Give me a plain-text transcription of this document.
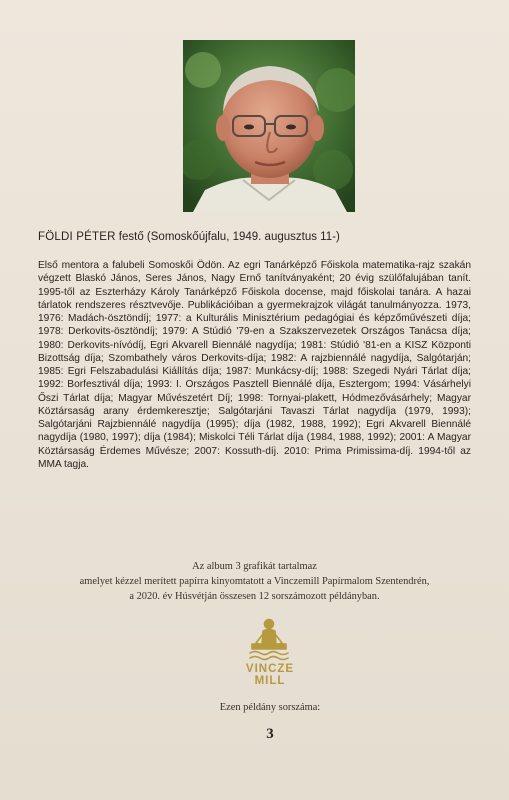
FÖLDI PÉTER festő (Somoskőújfalu, 1949. augusztus 11-)
Első mentora a falubeli Somoskői Ödön. Az egri Tanárképző Főiskola matematika-rajz szakán végzett Blaskó János, Seres János, Nagy Ernő tanítványaként; 20 évig szülőfalujában tanít. 1995-től az Eszterházy Károly Tanárképző Főiskola docense, majd főiskolai tanára. A hazai tárlatok rendszeres résztvevője. Publikációiban a gyermekrajzok világát tanulmányozza. 1973, 1976: Madách-ösztöndíj; 1977: a Kulturális Minisztérium pedagógiai és képzőművészeti díja; 1978: Derkovits-ösztöndíj; 1979: A Stúdió '79-en a Szakszervezetek Országos Tanácsa díja; 1980: Derkovits-nívódíj, Egri Akvarell Biennálé nagydíja; 1981: Stúdió '81-en a KISZ Központi Bizottság díja; Szombathely város Derkovits-díja; 1982: A rajzbiennálé nagydíja, Salgótarján; 1985: Egri Felszabadulási Kiállítás díja; 1987: Munkácsy-díj; 1988: Szegedi Nyári Tárlat díja; 1992: Borfesztivál díja; 1993: I. Országos Pasztell Biennálé díja, Esztergom; 1994: Vásárhelyi Őszi Tárlat díja; Magyar Művészetért Díj; 1998: Tornyai-plakett, Hódmezővásárhely; Magyar Köztársaság arany érdemkeresztje; Salgótarjáni Tavaszi Tárlat nagydíja (1979, 1993); Salgótarjáni Rajzbiennálé nagydíja (1995); díja (1982, 1988, 1992); Egri Akvarell Biennálé nagydíja (1980, 1997); díja (1984); Miskolci Téli Tárlat díja (1984, 1988, 1992); 2001: A Magyar Köztársaság Érdemes Művésze; 2007: Kossuth-díj. 2010: Prima Primissima-díj. 1994-től az MMA tagja.

Az album 3 grafikát tartalmaz

amelyet kézzel merített papírra kinyomtatott a Vinczemill Papírmalom Szentendrén,

a 2020. év Húsvétján összesen 12 sorszámozott példányban.

VINCZE
MILL
Ezen példány sorszáma:
3
